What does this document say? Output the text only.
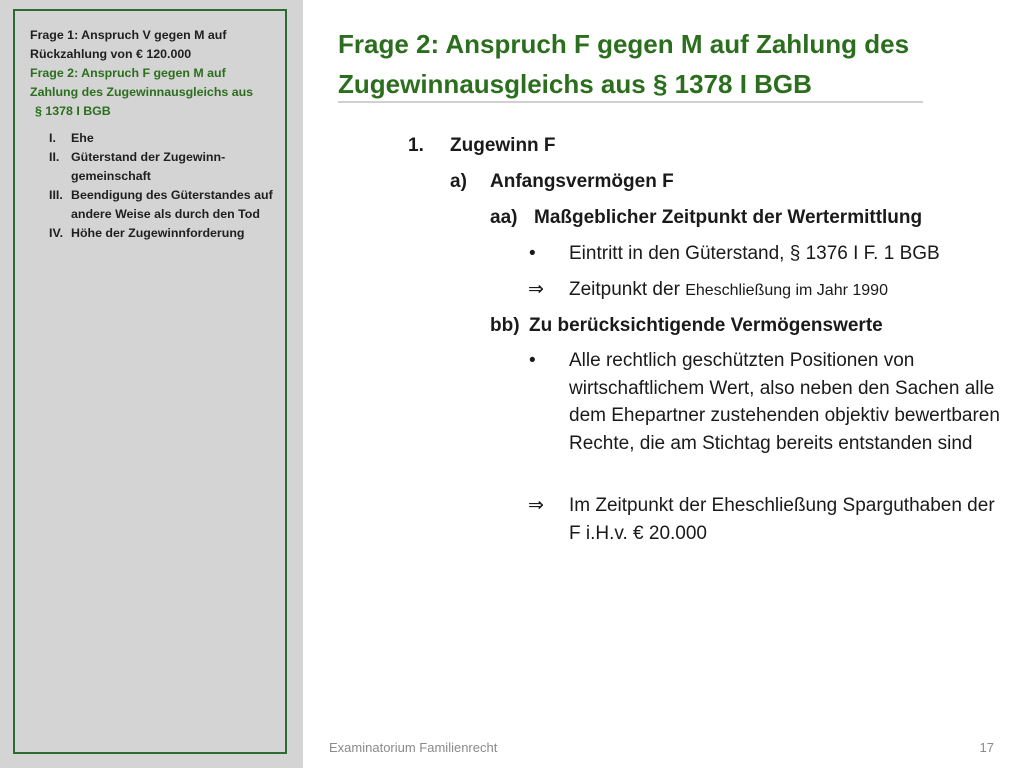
Frage 1: Anspruch V gegen M auf Rückzahlung von € 120.000
Frage 2: Anspruch F gegen M auf
Zahlung des Zugewinnausgleichs aus
§ 1378 I BGB
I. Ehe
II. Güterstand der Zugewinn-gemeinschaft
III. Beendigung des Güterstandes auf andere Weise als durch den Tod
IV. Höhe der Zugewinnforderung
Frage 2: Anspruch F gegen M auf Zahlung des Zugewinnausgleichs aus § 1378 I BGB
1. Zugewinn F
a) Anfangsvermögen F
aa) Maßgeblicher Zeitpunkt der Wertermittlung
• Eintritt in den Güterstand, § 1376 I F. 1 BGB
⇒ Zeitpunkt der Eheschließung im Jahr 1990
bb) Zu berücksichtigende Vermögenswerte
• Alle rechtlich geschützten Positionen von wirtschaftlichem Wert, also neben den Sachen alle dem Ehepartner zustehenden objektiv bewertbaren Rechte, die am Stichtag bereits entstanden sind
⇒ Im Zeitpunkt der Eheschließung Sparguthaben der F i.H.v. € 20.000
Examinatorium Familienrecht	17
